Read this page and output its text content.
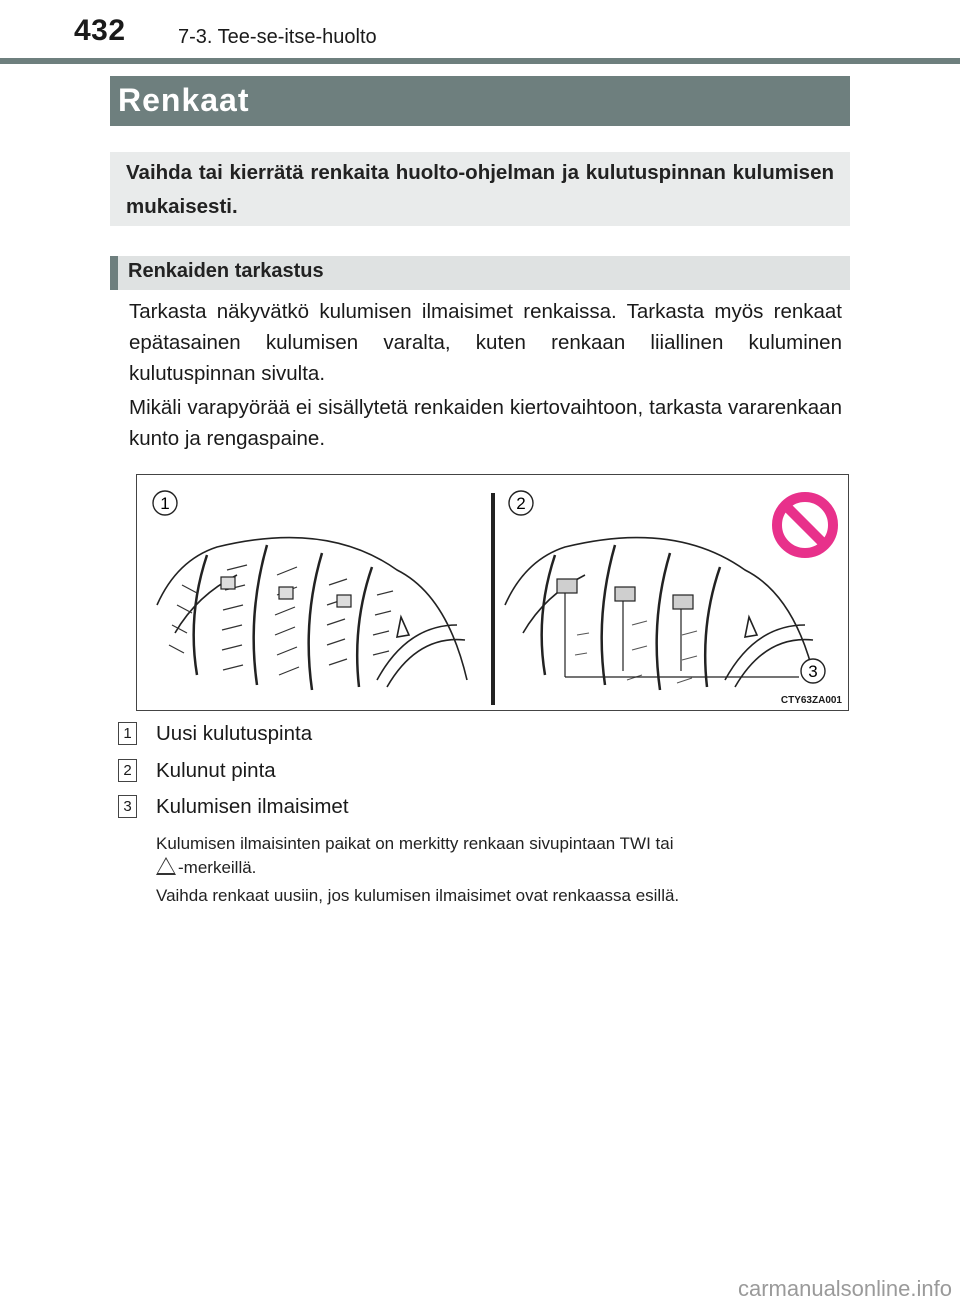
432	7-3. Tee-se-itse-huolto
Renkaat

Vaihda tai kierrätä renkaita huolto-ohjelman ja kulutuspinnan kulumisen mukaisesti.

Renkaiden tarkastus

Tarkasta näkyvätkö kulumisen ilmaisimet renkaissa. Tarkasta myös renkaat epätasainen kulumisen varalta, kuten renkaan liiallinen kuluminen kulutuspinnan sivulta.

Mikäli varapyörää ei sisällytetä renkaiden kiertovaihtoon, tarkasta vararenkaan kunto ja rengaspaine.

1	2
3
CTY63ZA001
1 Uusi kulutuspinta
2 Kulunut pinta
3 Kulumisen ilmaisimet

Kulumisen ilmaisinten paikat on merkitty renkaan sivupintaan TWI tai
-merkeillä.

Vaihda renkaat uusiin, jos kulumisen ilmaisimet ovat renkaassa esillä.

carmanualsonline.info
